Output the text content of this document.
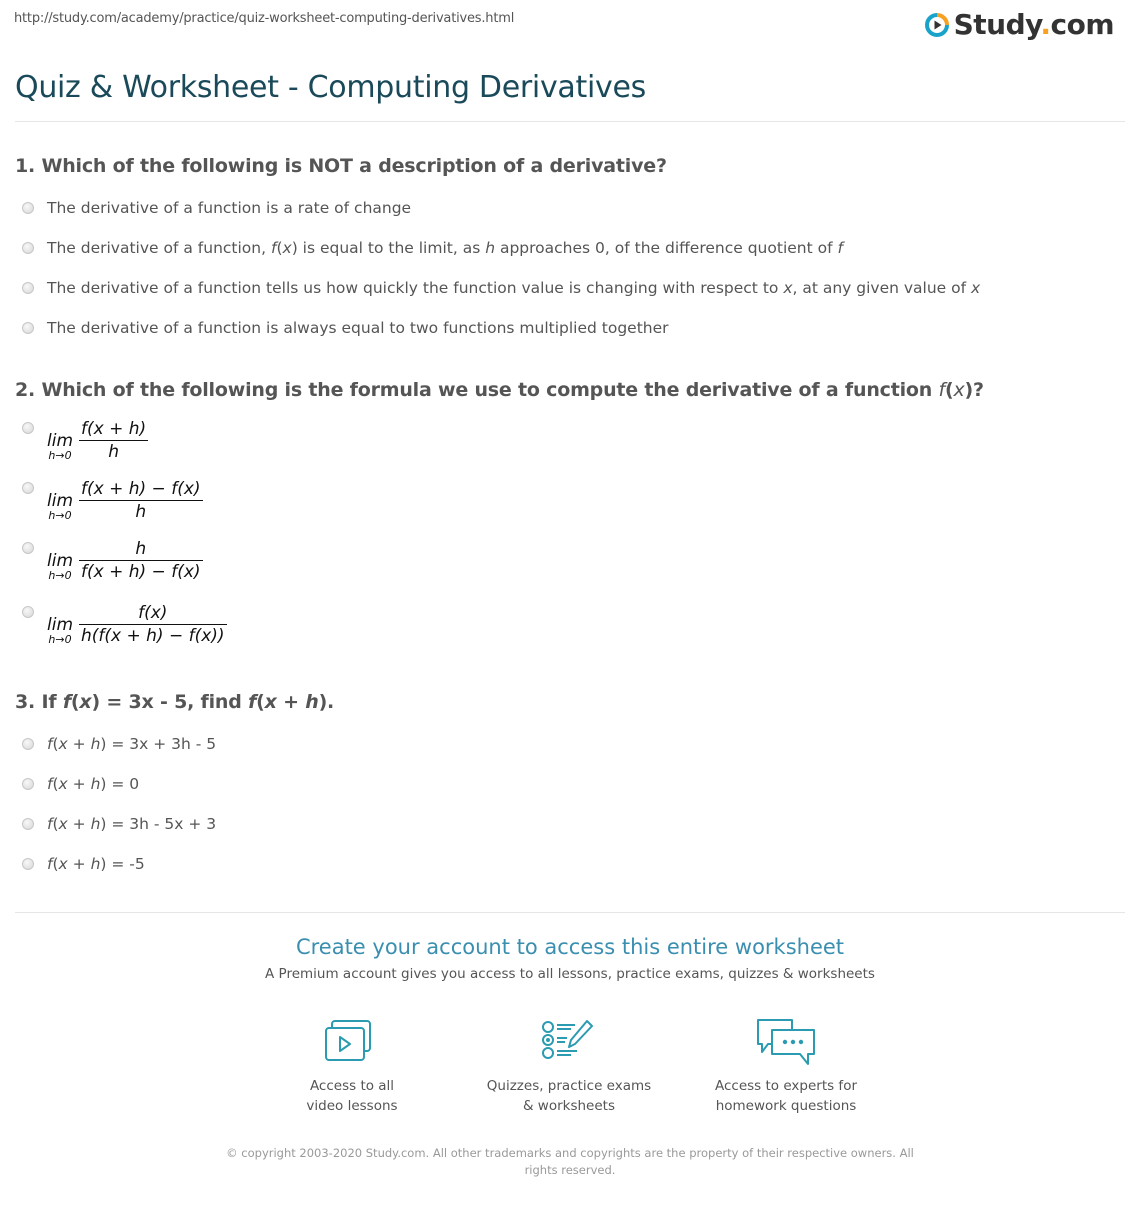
http://study.com/academy/practice/quiz-worksheet-computing-derivatives.html	Study.com
Quiz & Worksheet - Computing Derivatives
1. Which of the following is NOT a description of a derivative?
The derivative of a function is a rate of change
The derivative of a function, f(x) is equal to the limit, as h approaches 0, of the difference quotient of f
The derivative of a function tells us how quickly the function value is changing with respect to x, at any given value of x
The derivative of a function is always equal to two functions multiplied together
2. Which of the following is the formula we use to compute the derivative of a function f(x)?
lim
$h\to 0 \frac{f(x + h)}{h}$
lim
$h\to 0 \frac{f(x + h) - f(x)}{h}$
lim
$h\to 0 \frac{h}{f(x + h) - f(x)}$
lim
$h\to 0 \frac{f(x)}{h(f(x + h) - f(x))}$
3. If f(x) = 3x - 5, find f(x + h).
f(x + h) = 3x + 3h - 5
f(x + h) = 0
f(x + h) = 3h - 5x + 3
f(x + h) = -5
Create your account to access this entire worksheet
A Premium account gives you access to all lessons, practice exams, quizzes & worksheets
Access to all
video lessons
Quizzes, practice exams
& worksheets
Access to experts for
homework questions
© copyright 2003-2020 Study.com. All other trademarks and copyrights are the property of their respective owners. All rights reserved.
